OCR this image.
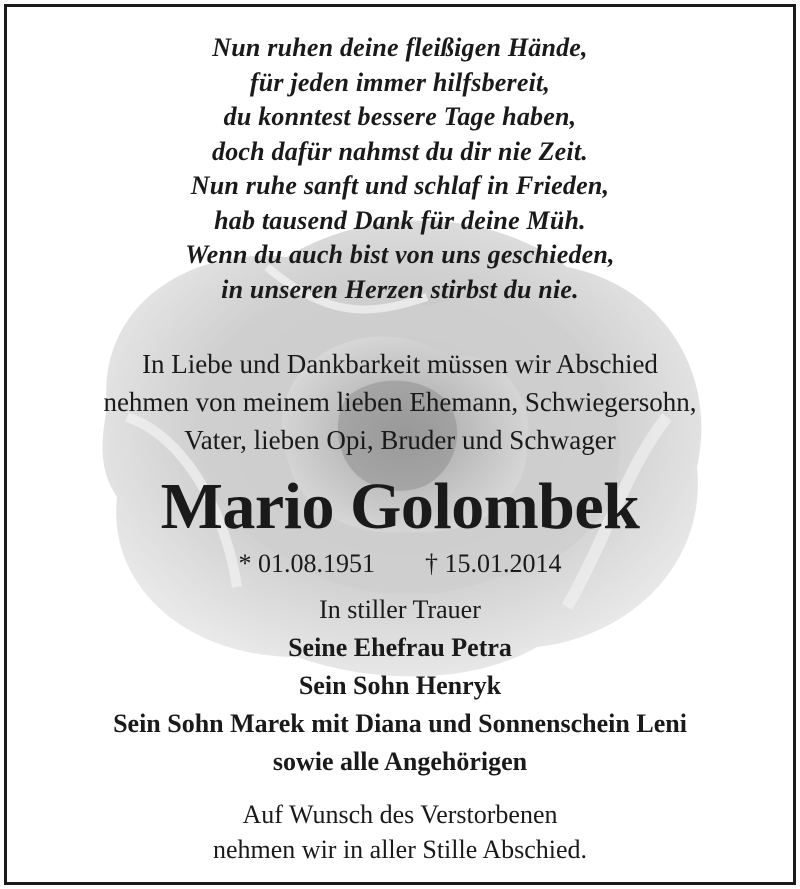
Nun ruhen deine fleißigen Hände,
für jeden immer hilfsbereit,
du konntest bessere Tage haben,
doch dafür nahmst du dir nie Zeit.
Nun ruhe sanft und schlaf in Frieden,
hab tausend Dank für deine Müh.
Wenn du auch bist von uns geschieden,
in unseren Herzen stirbst du nie.
In Liebe und Dankbarkeit müssen wir Abschied
nehmen von meinem lieben Ehemann, Schwiegersohn,
Vater, lieben Opi, Bruder und Schwager
Mario Golombek
* 01.08.1951 † 15.01.2014
In stiller Trauer
Seine Ehefrau Petra
Sein Sohn Henryk
Sein Sohn Marek mit Diana und Sonnenschein Leni
sowie alle Angehörigen
Auf Wunsch des Verstorbenen
nehmen wir in aller Stille Abschied.
